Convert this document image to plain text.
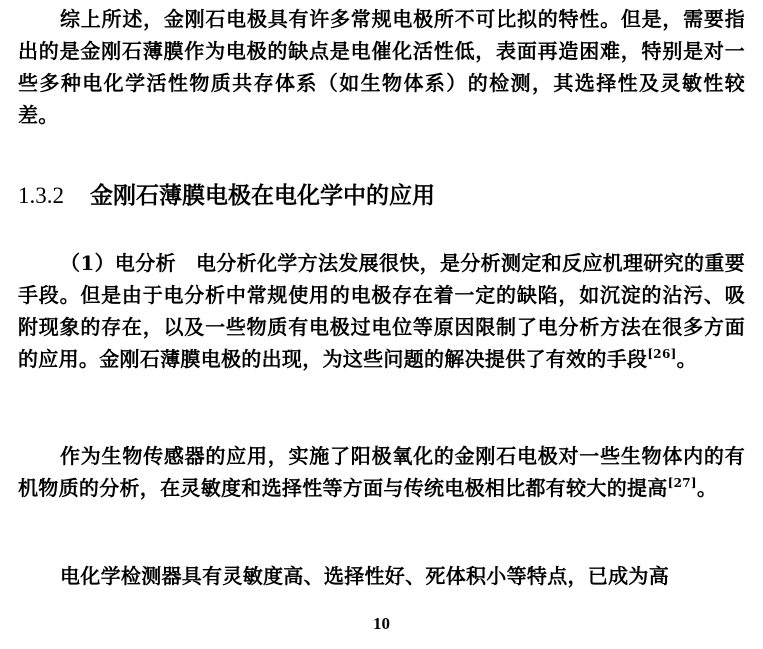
综上所述，金刚石电极具有许多常规电极所不可比拟的特性。但是，需要指出的是金刚石薄膜作为电极的缺点是电催化活性低，表面再造困难，特别是对一些多种电化学活性物质共存体系（如生物体系）的检测，其选择性及灵敏性较差。

1.3.2 金刚石薄膜电极在电化学中的应用

（1）电分析 电分析化学方法发展很快，是分析测定和反应机理研究的重要手段。但是由于电分析中常规使用的电极存在着一定的缺陷，如沉淀的沾污、吸附现象的存在，以及一些物质有电极过电位等原因限制了电分析方法在很多方面的应用。金刚石薄膜电极的出现，为这些问题的解决提供了有效的手段[26]。

作为生物传感器的应用，实施了阳极氧化的金刚石电极对一些生物体内的有机物质的分析，在灵敏度和选择性等方面与传统电极相比都有较大的提高[27]。

电化学检测器具有灵敏度高、选择性好、死体积小等特点，已成为高

10
